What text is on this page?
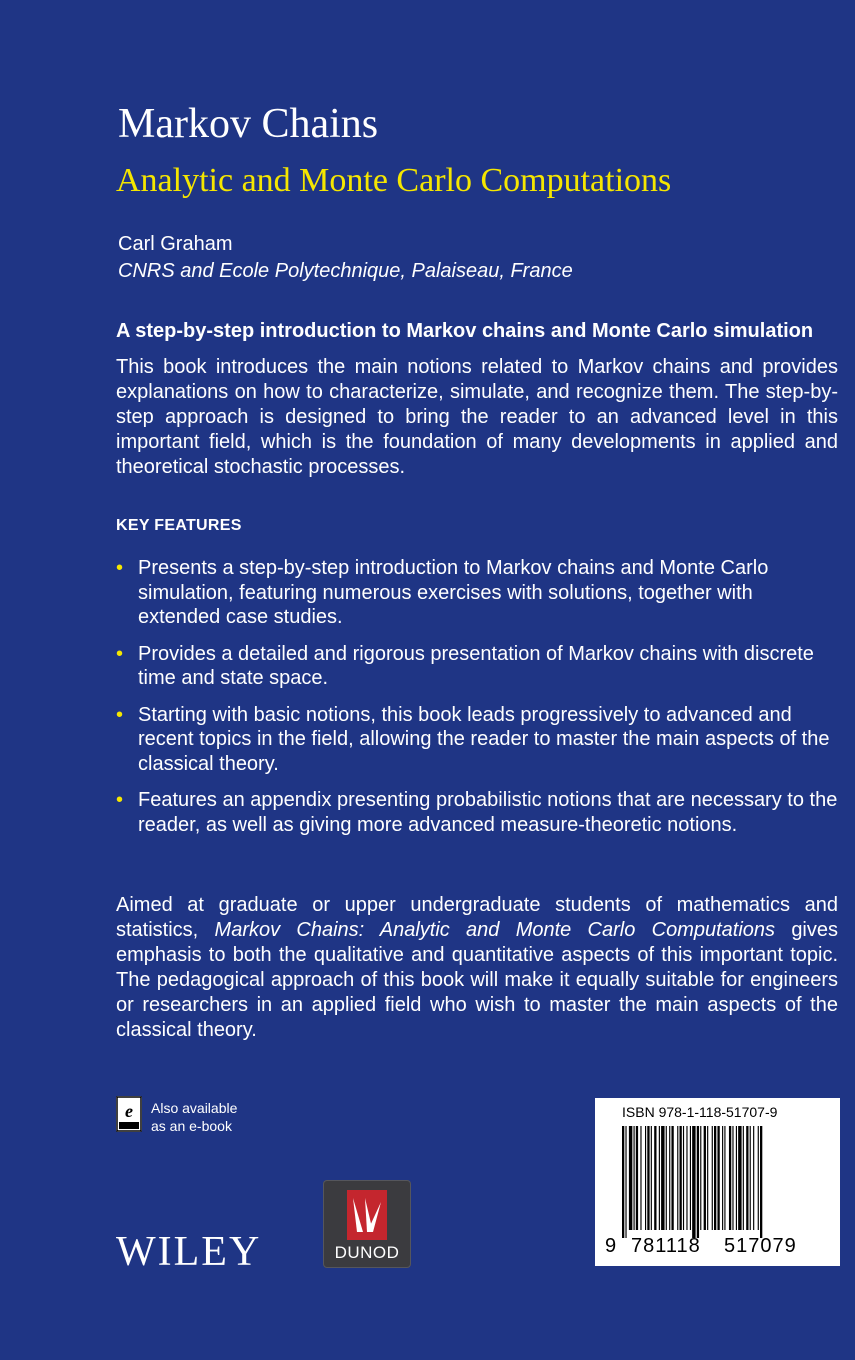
Markov Chains
Analytic and Monte Carlo Computations
Carl Graham
CNRS and Ecole Polytechnique, Palaiseau, France
A step-by-step introduction to Markov chains and Monte Carlo simulation
This book introduces the main notions related to Markov chains and provides explanations on how to characterize, simulate, and recognize them. The step-by-step approach is designed to bring the reader to an advanced level in this important field, which is the foundation of many developments in applied and theoretical stochastic processes.
KEY FEATURES
• Presents a step-by-step introduction to Markov chains and Monte Carlo simulation, featuring numerous exercises with solutions, together with extended case studies.
• Provides a detailed and rigorous presentation of Markov chains with discrete time and state space.
• Starting with basic notions, this book leads progressively to advanced and recent topics in the field, allowing the reader to master the main aspects of the classical theory.
• Features an appendix presenting probabilistic notions that are necessary to the reader, as well as giving more advanced measure-theoretic notions.
Aimed at graduate or upper undergraduate students of mathematics and statistics, Markov Chains: Analytic and Monte Carlo Computations gives emphasis to both the qualitative and quantitative aspects of this important topic. The pedagogical approach of this book will make it equally suitable for engineers or researchers in an applied field who wish to master the main aspects of the classical theory.
e Also available
as an e-book
WILEY	DUNOD
ISBN 978-1-118-51707-9
9 781118 517079
